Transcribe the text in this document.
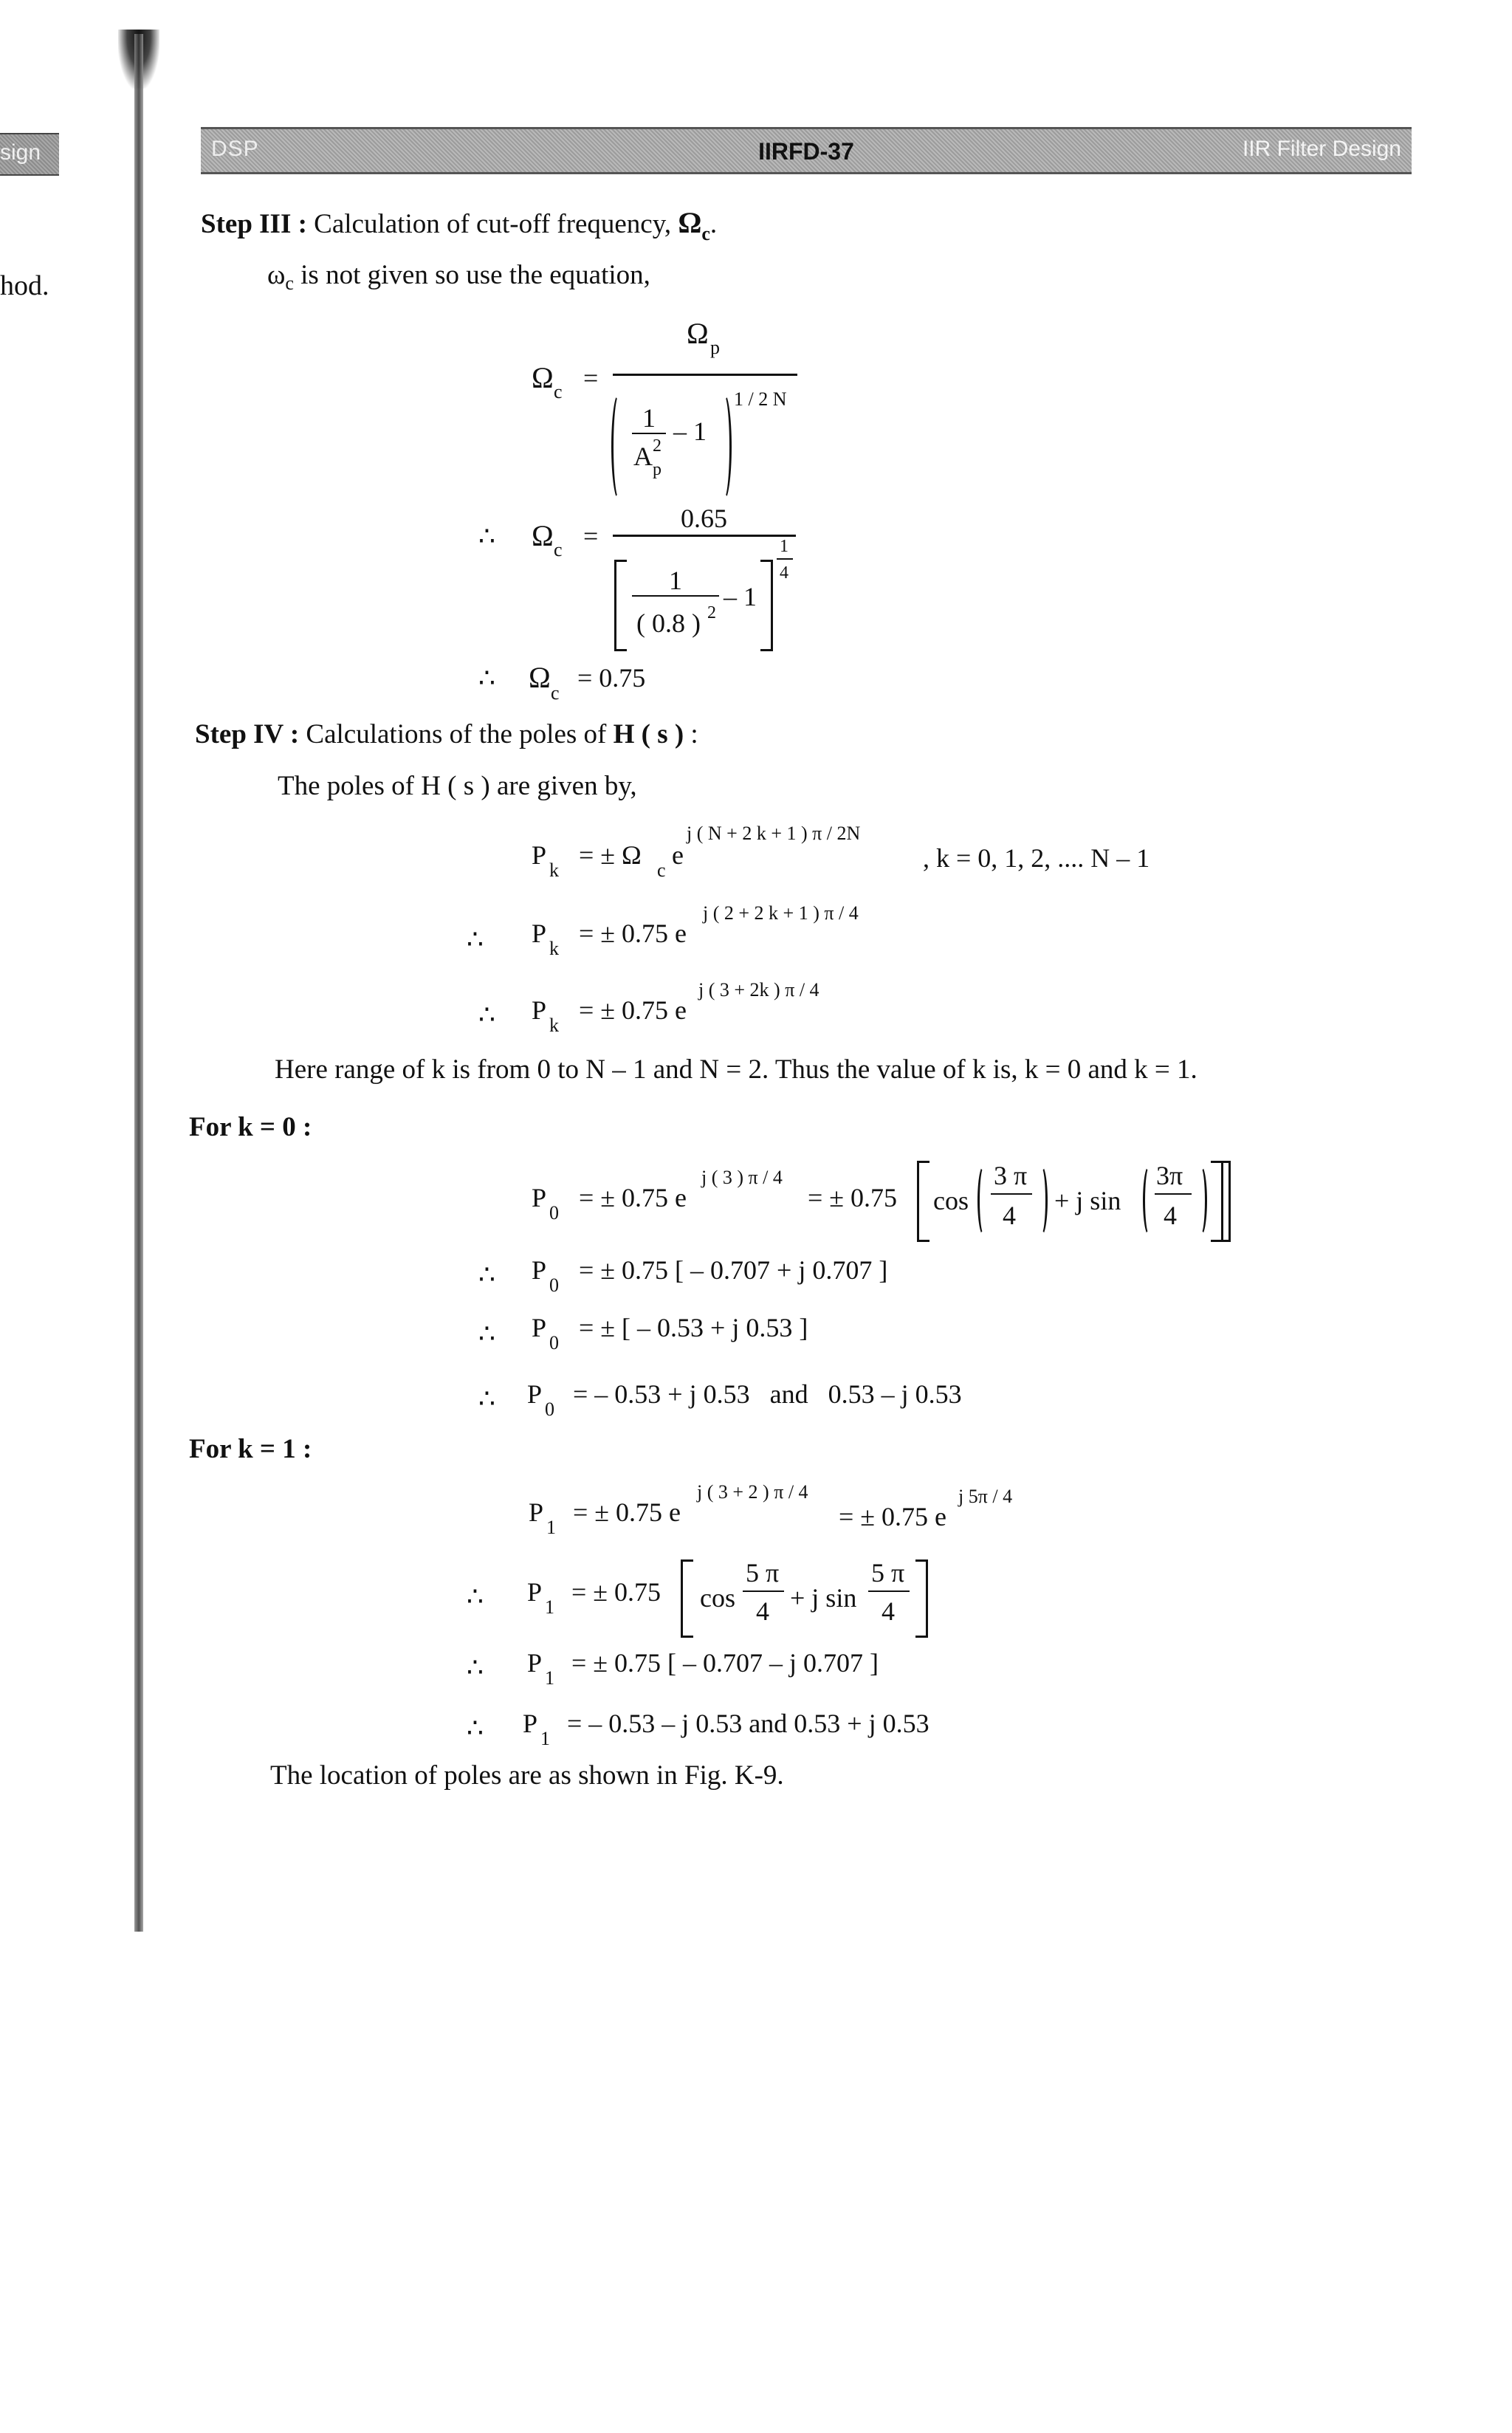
sign
hod.
DSP	IIRFD-37	IIR Filter Design
Step III : Calculation of cut-off frequency, $\Omega_c$.
$\omega_c$ is not given so use the equation,
Ω c =
Ω p
1
A 2
p
– 1
1 / 2 N
∴ Ω c =
0.65
1
( 0.8 ) 2
– 1
1
4
∴ Ω c
= 0.75
Step IV : Calculations of the poles of H ( s ) :
The poles of H ( s ) are given by,
P
k
= ± Ω
c
e
j ( N + 2 k + 1 ) π / 2N
, k = 0, 1, 2, .... N – 1
∴ P
k
= ± 0.75 e
j ( 2 + 2 k + 1 ) π / 4
∴ P
k
= ± 0.75 e
j ( 3 + 2k ) π / 4
Here range of k is from 0 to N – 1 and N = 2. Thus the value of k is, k = 0 and k = 1.
For k = 0 :
P
0
= ± 0.75 e
j ( 3 ) π / 4
= ± 0.75 cos
3 π
4 + j sin
3π
4
∴ P
0
= ± 0.75 [ – 0.707 + j 0.707 ]
∴ P
0
= ± [ – 0.53 + j 0.53 ]
∴ P
0
= – 0.53 + j 0.53   and   0.53 – j 0.53
For k = 1 :
P
1
= ± 0.75 e
j ( 3 + 2 ) π / 4
= ± 0.75 e
j 5π / 4
∴ P
1
= ± 0.75 cos
5 π
4 + j sin
5 π
4
∴ P
1
= ± 0.75 [ – 0.707 – j 0.707 ]
∴ P
1
= – 0.53 – j 0.53 and 0.53 + j 0.53
The location of poles are as shown in Fig. K-9.
